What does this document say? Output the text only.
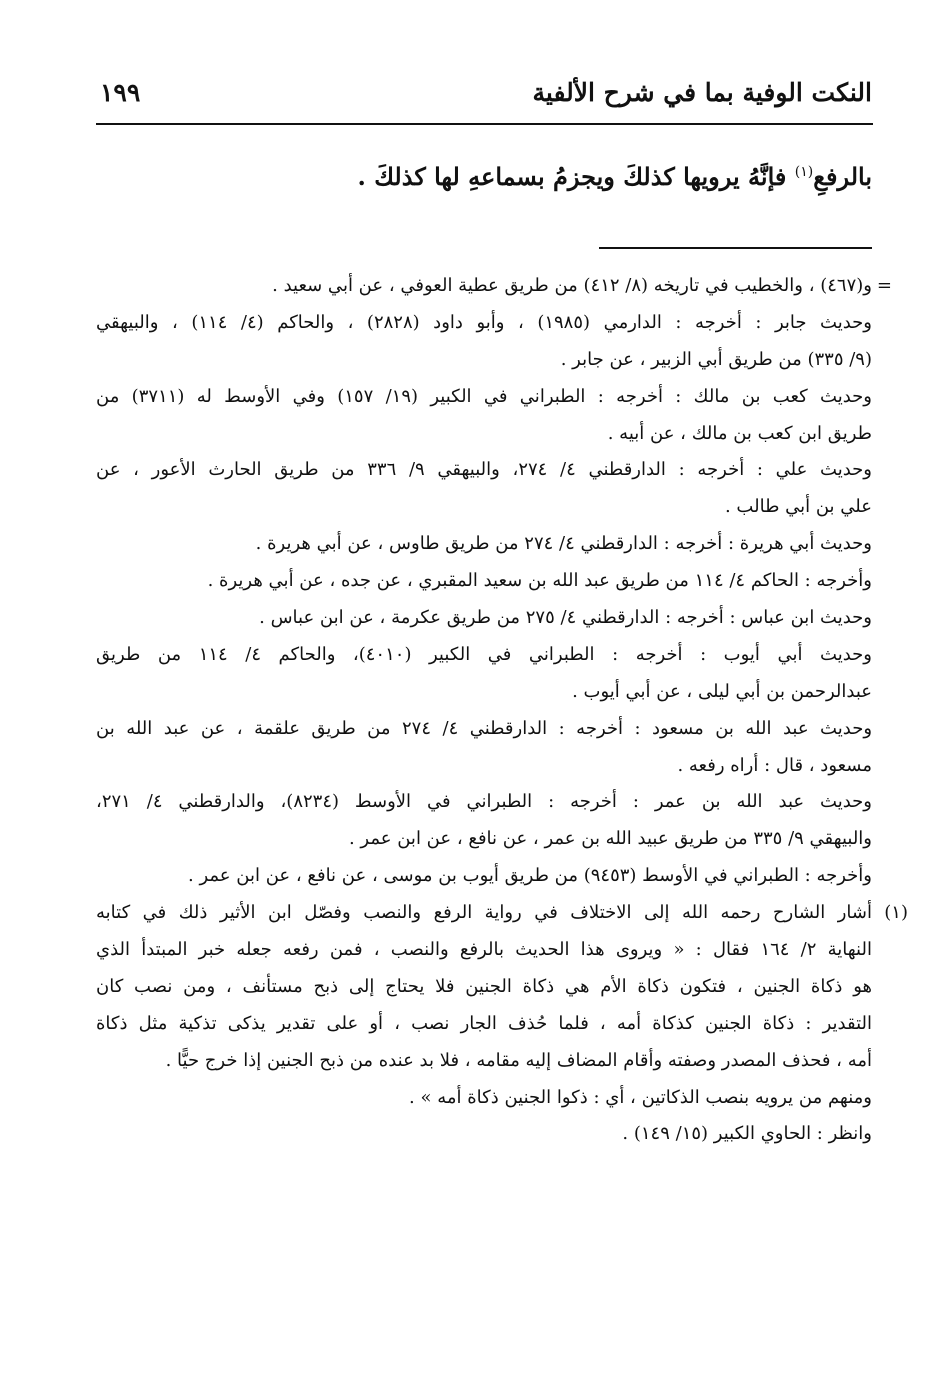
النكت الوفية بما في شرح الألفية
١٩٩
بالرفعِ$^{(١)}$ فإنَّهُ يرويها كذلكَ ويجزمُ بسماعهِ لها كذلكَ .
=
و(٤٦٧) ، والخطيب في تاريخه (٨/ ٤١٢) من طريق عطية العوفي ، عن أبي سعيد .
وحديث جابر : أخرجه : الدارمي (١٩٨٥) ، وأبو داود (٢٨٢٨) ، والحاكم (٤/ ١١٤) ، والبيهقي
(٩/ ٣٣٥) من طريق أبي الزبير ، عن جابر .
وحديث كعب بن مالك : أخرجه : الطبراني في الكبير (١٩/ ١٥٧) وفي الأوسط له (٣٧١١) من
طريق ابن كعب بن مالك ، عن أبيه .
وحديث علي : أخرجه : الدارقطني ٤/ ٢٧٤، والبيهقي ٩/ ٣٣٦ من طريق الحارث الأعور ، عن
علي بن أبي طالب .
وحديث أبي هريرة : أخرجه : الدارقطني ٤/ ٢٧٤ من طريق طاوس ، عن أبي هريرة .
وأخرجه : الحاكم ٤/ ١١٤ من طريق عبد الله بن سعيد المقبري ، عن جده ، عن أبي هريرة .
وحديث ابن عباس : أخرجه : الدارقطني ٤/ ٢٧٥ من طريق عكرمة ، عن ابن عباس .
وحديث أبي أيوب : أخرجه : الطبراني في الكبير (٤٠١٠)، والحاكم ٤/ ١١٤ من طريق
عبدالرحمن بن أبي ليلى ، عن أبي أيوب .
وحديث عبد الله بن مسعود : أخرجه : الدارقطني ٤/ ٢٧٤ من طريق علقمة ، عن عبد الله بن
مسعود ، قال : أراه رفعه .
وحديث عبد الله بن عمر : أخرجه : الطبراني في الأوسط (٨٢٣٤)، والدارقطني ٤/ ٢٧١،
والبيهقي ٩/ ٣٣٥ من طريق عبيد الله بن عمر ، عن نافع ، عن ابن عمر .
وأخرجه : الطبراني في الأوسط (٩٤٥٣) من طريق أيوب بن موسى ، عن نافع ، عن ابن عمر .
(١)
أشار الشارح رحمه الله إلى الاختلاف في رواية الرفع والنصب وفصّل ابن الأثير ذلك في كتابه
النهاية ٢/ ١٦٤ فقال : « ويروى هذا الحديث بالرفع والنصب ، فمن رفعه جعله خبر المبتدأ الذي
هو ذكاة الجنين ، فتكون ذكاة الأم هي ذكاة الجنين فلا يحتاج إلى ذبح مستأنف ، ومن نصب كان
التقدير : ذكاة الجنين كذكاة أمه ، فلما حُذف الجار نصب ، أو على تقدير يذكى تذكية مثل ذكاة
أمه ، فحذف المصدر وصفته وأقام المضاف إليه مقامه ، فلا بد عنده من ذبح الجنين إذا خرج حيًّا .
ومنهم من يرويه بنصب الذكاتين ، أي : ذكوا الجنين ذكاة أمه » .
وانظر : الحاوي الكبير (١٥/ ١٤٩) .
